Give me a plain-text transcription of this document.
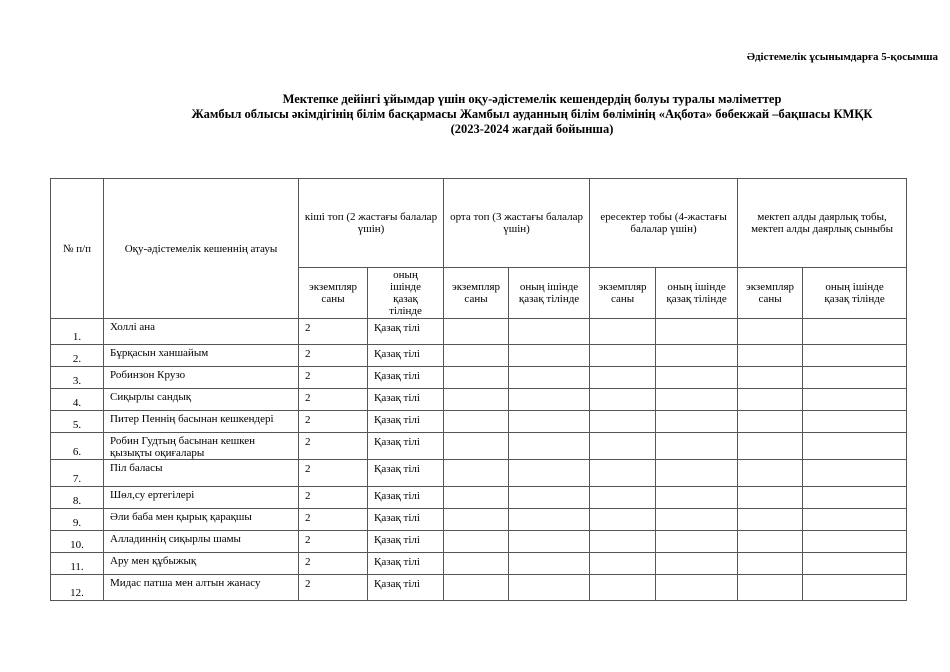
Әдістемелік ұсынымдарға 5-қосымша
Мектепке дейінгі ұйымдар үшін оқу-әдістемелік кешендердің болуы туралы мәліметтер
Жамбыл облысы әкімдігінің білім басқармасы Жамбыл ауданның білім бөлімінің «Ақбота» бөбекжай –бақшасы КМҚК
(2023-2024 жағдай бойынша)
№ п/п	Оқу-әдістемелік кешеннің атауы	кіші топ (2 жастағы балалар үшін)		орта топ (3 жастағы балалар үшін)		ересектер тобы (4-жастағы балалар үшін)		мектеп алды даярлық тобы, мектеп алды даярлық сыныбы	
		экземпляр саны	оның ішінде қазақ тілінде	экземпляр саны	оның ішінде қазақ тілінде	экземпляр саны	оның ішінде қазақ тілінде	экземпляр саны	оның ішінде қазақ тілінде
1.	Холлі ана	2	Қазақ тілі						
2.	Бұрқасын ханшайым	2	Қазақ тілі						
3.	Робинзон Крузо	2	Қазақ тілі						
4.	Сиқырлы сандық	2	Қазақ тілі						
5.	Питер Пеннің басынан кешкендері	2	Қазақ тілі						
6.	Робин Гудтың басынан кешкен қызықты оқиғалары	2	Қазақ тілі						
7.	Піл баласы	2	Қазақ тілі						
8.	Шөл,су ертегілері	2	Қазақ тілі						
9.	Әли баба мен қырық қарақшы	2	Қазақ тілі						
10.	Алладиннің сиқырлы шамы	2	Қазақ тілі						
11.	Ару мен құбыжық	2	Қазақ тілі						
12.	Мидас патша мен алтын жанасу	2	Қазақ тілі						
